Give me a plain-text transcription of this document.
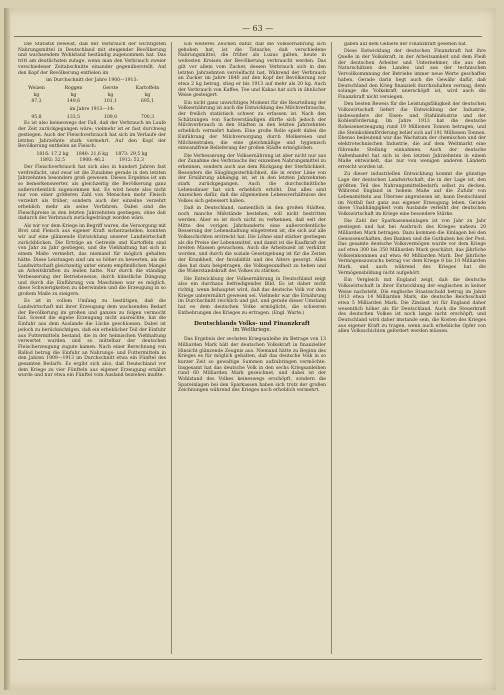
— 63 —

Die Statistik beweist, daß der Verbrauch der wichtigsten Nahrungsmittel in Deutschland mit steigender Bevölkerung und wachsendem Wohlstand beständig zugenommen hat. Das tritt am deutlichsten zutage, wenn man den Verbrauch zweier verschiedener Zeitabschnitte einander gegenüberstellt. Auf den Kopf der Bevölkerung entfielen im

im Durchschnitt der Jahre 1900—1913:
Weizen	Roggen	Gerste	Kartoffeln
kg	kg	kg	kg
87,3	149,6	101,1	695,1
im Jahre 1913—14:
95,8	133,5	109,0	700,3

Es ist also keineswegs der Fall, daß der Verbrauch im Laufe der Zeit zurückgegangen wäre; vielmehr ist er fast durchweg gestiegen. Auch der Fleischverbrauch hat sich im Verlaufe der letzten Jahrzehnte stark vermehrt. Auf den Kopf der Bevölkerung entfielen an Fleisch:

1816: 17,2 kg	1840: 21,6 kg	1873: 29,5 kg
1892: 32,5	1900: 46,2	1912: 52,3

Der Fleischverbrauch hat sich also in hundert Jahren fast verdreifacht, und zwar ist die Zunahme gerade in den letzten Jahrzehnten besonders groß gewesen. Dieses Ergebnis ist um so bemerkenswerter, als gleichzeitig die Bevölkerung ganz außerordentlich zugenommen hat. Es wird heute also nicht nur von einer größeren Zahl von Menschen mehr Fleisch verzehrt als früher, sondern auch der einzelne verzehrt erheblich mehr als seine Vorfahren. Dabei sind die Fleischpreise in den letzten Jahrzehnten gestiegen, ohne daß dadurch der Verbrauch zurückgedrängt worden wäre.

Als wir vor dem Kriege im Begriff waren, die Versorgung mit Brot und Fleisch aus eigener Kraft sicherzustellen, konnten wir auf eine glänzende Entwicklung unserer Landwirtschaft zurückblicken. Die Erträge an Getreide und Kartoffeln sind von Jahr zu Jahr gestiegen, und die Viehhaltung hat sich in einem Maße vermehrt, das niemand für möglich gehalten hätte. Diese Leistungen sind um so höher zu bewerten, als die Landwirtschaft gleichzeitig unter einem empfindlichen Mangel an Arbeitskräften zu leiden hatte. Nur durch die ständige Verbesserung der Betriebsweise, durch künstliche Düngung und durch die Einführung von Maschinen war es möglich, diese Schwierigkeiten zu überwinden und die Erzeugung in so großem Maße zu steigern.

Es ist in vollem Umfang zu bestätigen, daß die Landwirtschaft mit ihrer Erzeugung dem wachsenden Bedarf der Bevölkerung im großen und ganzen zu folgen vermocht hat. Soweit die eigene Erzeugung nicht ausreichte, hat die Einfuhr aus dem Auslande die Lücke geschlossen. Dabei ist jedoch zu berücksichtigen, daß ein erheblicher Teil der Einfuhr aus Futtermitteln bestand, die in der heimischen Viehhaltung verwertet wurden und so mittelbar der deutschen Fleischerzeugung zugute kamen. Nach einer Berechnung von Ballod betrug die Einfuhr an Nahrungs- und Futtermitteln in den Jahren 1909—1913 im Durchschnitt etwa ein Fünftel des gesamten Bedarfs. Es ergibt sich also, daß Deutschland vor dem Kriege zu vier Fünfteln aus eigener Erzeugung ernährt wurde und nur etwa ein Fünftel vom Ausland beziehen mußte.

Ein weiteres Zeichen dafür, daß die Volksernährung sich gehoben hat, ist die Tatsache, daß verschiedene Nahrungsmittel, die früher als Luxus galten, heute in weitesten Kreisen der Bevölkerung verbraucht werden. Das gilt vor allem vom Zucker, dessen Verbrauch sich in den letzten Jahrzehnten vervielfacht hat. Während der Verbrauch an Zucker im Jahre 1840 auf den Kopf der Bevölkerung nur etwa 2 kg betrug, stieg er bis 1913 auf mehr als 20 kg. Auch der Verbrauch von Kaffee, Tee und Kakao hat sich in ähnlicher Weise gesteigert.

Ein nicht ganz unwichtiges Moment für die Beurteilung der Volksernährung ist auch die Entwicklung des Milchverbrauchs, der freilich statistisch schwer zu erfassen ist. Nach den Schätzungen von Sachverständigen dürfte sich jedoch der Milchverbrauch in den Städten in den letzten Jahrzehnten erheblich vermehrt haben. Eine große Rolle spielt dabei die Einführung der Milchversorgung durch Molkereien und Milchzentralen, die eine gleichmäßige und hygienisch einwandfreie Belieferung der großen Städte ermöglichen.

Die Verbesserung der Volksernährung ist aber nicht nur aus der Zunahme des Verbrauchs der einzelnen Nahrungsmittel zu erkennen, sondern auch aus dem Rückgang der Sterblichkeit. Besonders die Säuglingssterblichkeit, die in erster Linie von der Ernährung abhängig ist, ist in den letzten Jahrzehnten stark zurückgegangen. Auch die durchschnittliche Lebensdauer hat sich erheblich erhöht. Das alles sind Anzeichen dafür, daß die allgemeinen Lebensverhältnisse des Volkes sich gebessert haben.

Daß in Deutschland, namentlich in den großen Städten, noch manche Mißstände bestehen, soll nicht bestritten werden. Aber es ist doch nicht zu verkennen, daß seit der Mitte des vorigen Jahrhunderts eine außerordentliche Besserung der Lebenshaltung eingetreten ist, die sich auf alle Volksschichten erstreckt hat. Die Löhne sind stärker gestiegen als die Preise der Lebensmittel, und damit ist die Kaufkraft der breiten Massen gewachsen. Auch die Arbeitszeit ist verkürzt worden, und durch die soziale Gesetzgebung ist für die Zeiten der Krankheit, der Invalidität und des Alters gesorgt. Alles dies hat dazu beigetragen, die Volksgesundheit zu heben und die Widerstandskraft des Volkes zu stärken.

Die Entwicklung der Volksernährung in Deutschland zeigt also ein durchaus befriedigendes Bild. Es ist daher nicht richtig, wenn behauptet wird, daß das deutsche Volk vor dem Kriege unterernährt gewesen sei. Vielmehr war die Ernährung im Durchschnitt reichlich und gut, und gerade dieser Umstand hat es dem deutschen Volke ermöglicht, die schweren Entbehrungen des Krieges zu ertragen. (Engl. Warte.)

Deutschlands Volks- und Finanzkraft
im Weltkriege.

Das Ergebnis der sechsten Kriegsanleihe im Betrage von 13 Milliarden Mark hält der deutschen Volkskraft in finanzieller Hinsicht glänzende Zeugnis aus. Niemand hätte zu Beginn des Krieges es für möglich gehalten, daß das deutsche Volk in so kurzer Zeit so gewaltige Summen aufzubringen vermöchte. Insgesamt hat das deutsche Volk in den sechs Kriegsanleihen rund 60 Milliarden Mark gezeichnet, und dabei ist der Wohlstand des Volkes keineswegs erschöpft, sondern die Spareinlagen bei den Sparkassen haben sich trotz der großen Zeichnungen während des Krieges noch erheblich vermehrt.

gaben auf dem Gebiete der Finanzkraft gesehen hat.

Diese Entwicklung der deutschen Finanzkraft hat ihre Quelle in der Volkskraft, in der Arbeitsamkeit und dem Fleiß der deutschen Arbeiter und Unternehmer, die aus den Naturschätzen des Landes und aus der technischen Vervollkommnung der Betriebe immer neue Werte geschaffen haben. Gerade darin liegt auch die Gewähr dafür, daß Deutschland den Krieg finanziell durchzuhalten vermag, denn solange die Volkskraft unerschöpft ist, wird auch die Finanzkraft nicht versiegen.

Den besten Beweis für die Leistungsfähigkeit der deutschen Volkswirtschaft liefert die Entwicklung der Industrie, insbesondere der Eisen- und Stahlindustrie und der Kohlenförderung. Im Jahre 1913 hat die deutsche Roheisenerzeugung rund 19 Millionen Tonnen betragen, und die Steinkohlenförderung belief sich auf 191 Millionen Tonnen. Ebenso bedeutend war das Wachstum der chemischen und der elektrotechnischen Industrie, die auf dem Weltmarkt eine führende Stellung einnahmen. Auch der deutsche Außenhandel hat sich in den letzten Jahrzehnten in einem Maße entwickelt, das nur von wenigen anderen Ländern erreicht worden ist.

Zu dieser industriellen Entwicklung kommt die günstige Lage der deutschen Landwirtschaft, die in der Lage ist, den größten Teil des Nahrungsmittelbedarfs selbst zu decken. Während England in hohem Maße auf die Zufuhr von Lebensmitteln aus Übersee angewiesen ist, kann Deutschland im Notfall fast ganz aus eigener Erzeugung leben. Gerade diese Unabhängigkeit vom Auslande verleiht der deutschen Volkswirtschaft im Kriege eine besondere Stärke.

Die Zahl der Sparkasseneinlagen ist von Jahr zu Jahr gestiegen und hat bei Ausbruch des Krieges nahezu 20 Milliarden Mark betragen. Dazu kommen die Einlagen bei den Genossenschaften, den Banken und die Guthaben bei der Post. Das gesamte deutsche Volksvermögen wurde vor dem Kriege auf etwa 300 bis 350 Milliarden Mark geschätzt, das jährliche Volkseinkommen auf etwa 40 Milliarden Mark. Der jährliche Vermögenszuwachs betrug vor dem Kriege 8 bis 10 Milliarden Mark, und auch während des Krieges hat die Vermögensbildung nicht aufgehört.

Ein Vergleich mit England zeigt, daß die deutsche Volkswirtschaft in ihrer Entwicklung der englischen in keiner Weise nachsteht. Die englische Staatsschuld betrug im Jahre 1913 etwa 14 Milliarden Mark, die deutsche Reichsschuld etwa 5 Milliarden Mark. Die Zinslast ist für England daher wesentlich höher als für Deutschland. Auch die Steuerkraft des deutschen Volkes ist noch lange nicht erschöpft, und Deutschland wird daher imstande sein, die Kosten des Krieges aus eigener Kraft zu tragen, wenn auch erhebliche Opfer von allen Volksschichten gefordert werden müssen.
